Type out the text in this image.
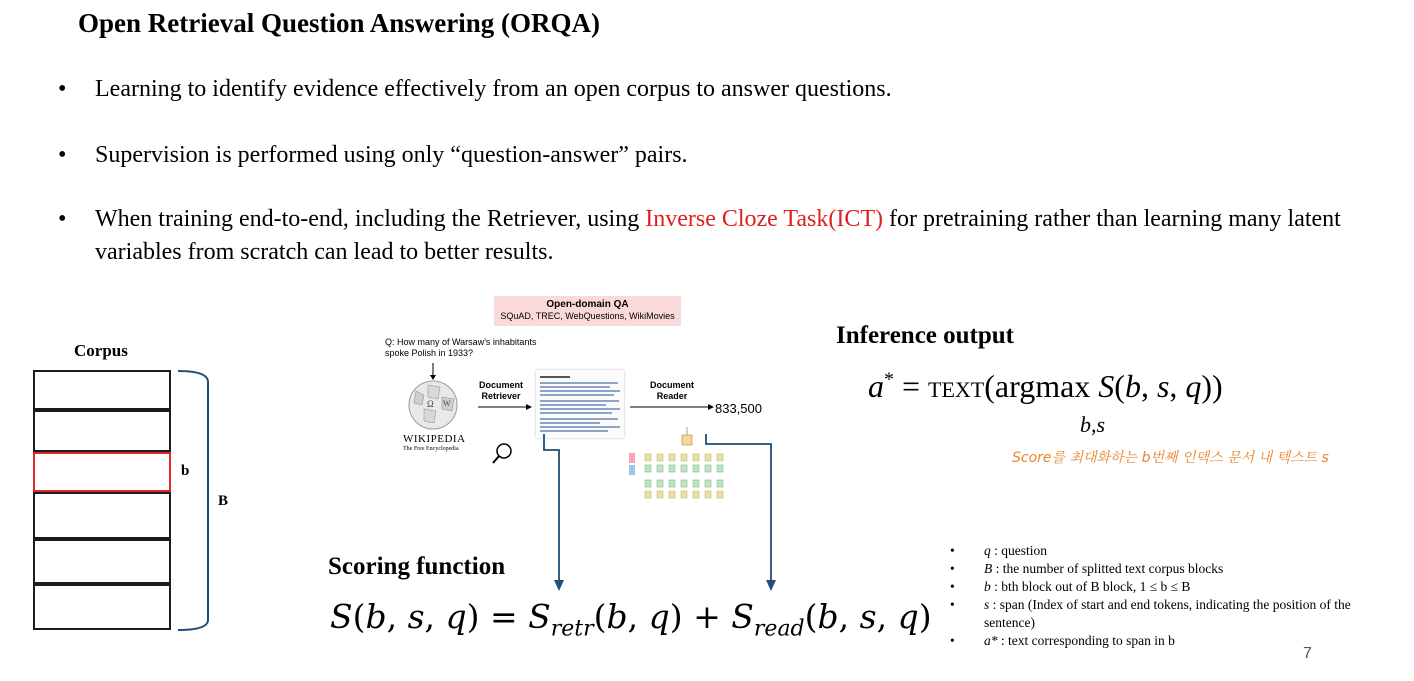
Open Retrieval Question Answering (ORQA)
• Learning to identify evidence effectively from an open corpus to answer questions.
• Supervision is performed using only “question-answer” pairs.
• When training end-to-end, including the Retriever, using Inverse Cloze Task(ICT) for pretraining rather than learning many latent variables from scratch can lead to better results.
Corpus
b
B
Open-domain QA
SQuAD, TREC, WebQuestions, WikiMovies
Q: How many of Warsaw's inhabitants spoke Polish in 1933?
Ω W
Document Retriever
Document Reader
833,500
WIKIPEDIA
The Free Encyclopedia
Inference output
a* = text(argmax S(b, s, q))
b,s
Score를 최대화하는 b번째 인덱스 문서 내 텍스트 s
Scoring function
S(b, s, $q) = S_{retr}(b$, $q) + S_{read}(b$, s, q)
• q : question
• B : the number of splitted text corpus blocks
• b : bth block out of B block, 1 ≤ b ≤ B
• s : span (Index of start and end tokens, indicating the position of the sentence)
• a* : text corresponding to span in b
7
